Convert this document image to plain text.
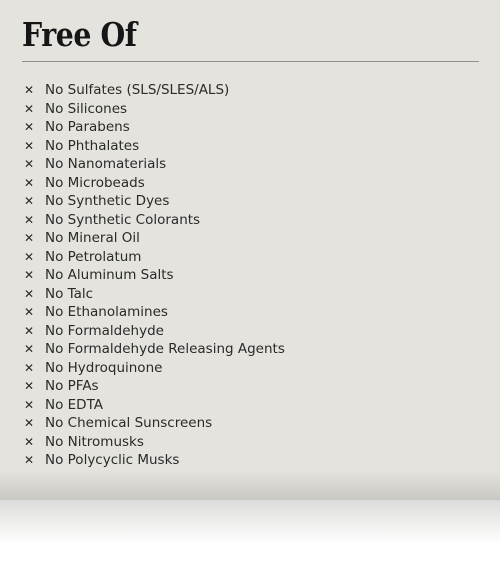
Free Of
✕ No Sulfates (SLS/SLES/ALS)
✕ No Silicones
✕ No Parabens
✕ No Phthalates
✕ No Nanomaterials
✕ No Microbeads
✕ No Synthetic Dyes
✕ No Synthetic Colorants
✕ No Mineral Oil
✕ No Petrolatum
✕ No Aluminum Salts
✕ No Talc
✕ No Ethanolamines
✕ No Formaldehyde
✕ No Formaldehyde Releasing Agents
✕ No Hydroquinone
✕ No PFAs
✕ No EDTA
✕ No Chemical Sunscreens
✕ No Nitromusks
✕ No Polycyclic Musks
